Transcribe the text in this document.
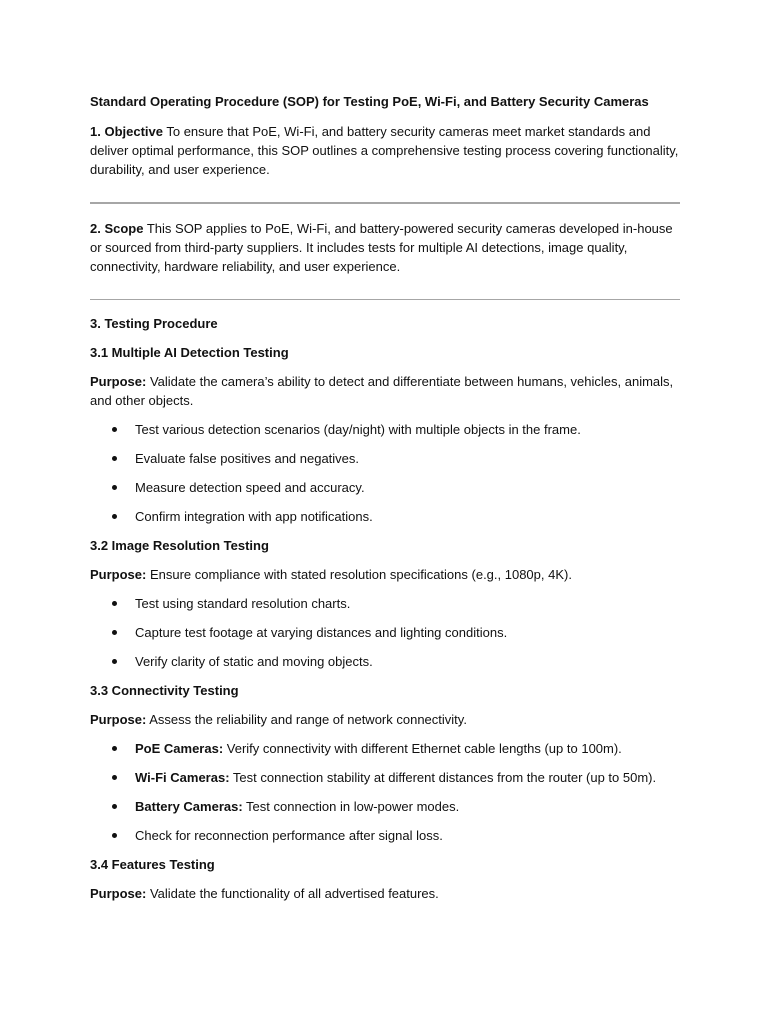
Standard Operating Procedure (SOP) for Testing PoE, Wi-Fi, and Battery Security Cameras

1. Objective To ensure that PoE, Wi-Fi, and battery security cameras meet market standards and deliver optimal performance, this SOP outlines a comprehensive testing process covering functionality, durability, and user experience.

2. Scope This SOP applies to PoE, Wi-Fi, and battery-powered security cameras developed in-house or sourced from third-party suppliers. It includes tests for multiple AI detections, image quality, connectivity, hardware reliability, and user experience.

3. Testing Procedure

3.1 Multiple AI Detection Testing

Purpose: Validate the camera’s ability to detect and differentiate between humans, vehicles, animals, and other objects.

Test various detection scenarios (day/night) with multiple objects in the frame.
Evaluate false positives and negatives.
Measure detection speed and accuracy.
Confirm integration with app notifications.

3.2 Image Resolution Testing

Purpose: Ensure compliance with stated resolution specifications (e.g., 1080p, 4K).

Test using standard resolution charts.
Capture test footage at varying distances and lighting conditions.
Verify clarity of static and moving objects.

3.3 Connectivity Testing

Purpose: Assess the reliability and range of network connectivity.

PoE Cameras: Verify connectivity with different Ethernet cable lengths (up to 100m).
Wi-Fi Cameras: Test connection stability at different distances from the router (up to 50m).
Battery Cameras: Test connection in low-power modes.
Check for reconnection performance after signal loss.

3.4 Features Testing

Purpose: Validate the functionality of all advertised features.
